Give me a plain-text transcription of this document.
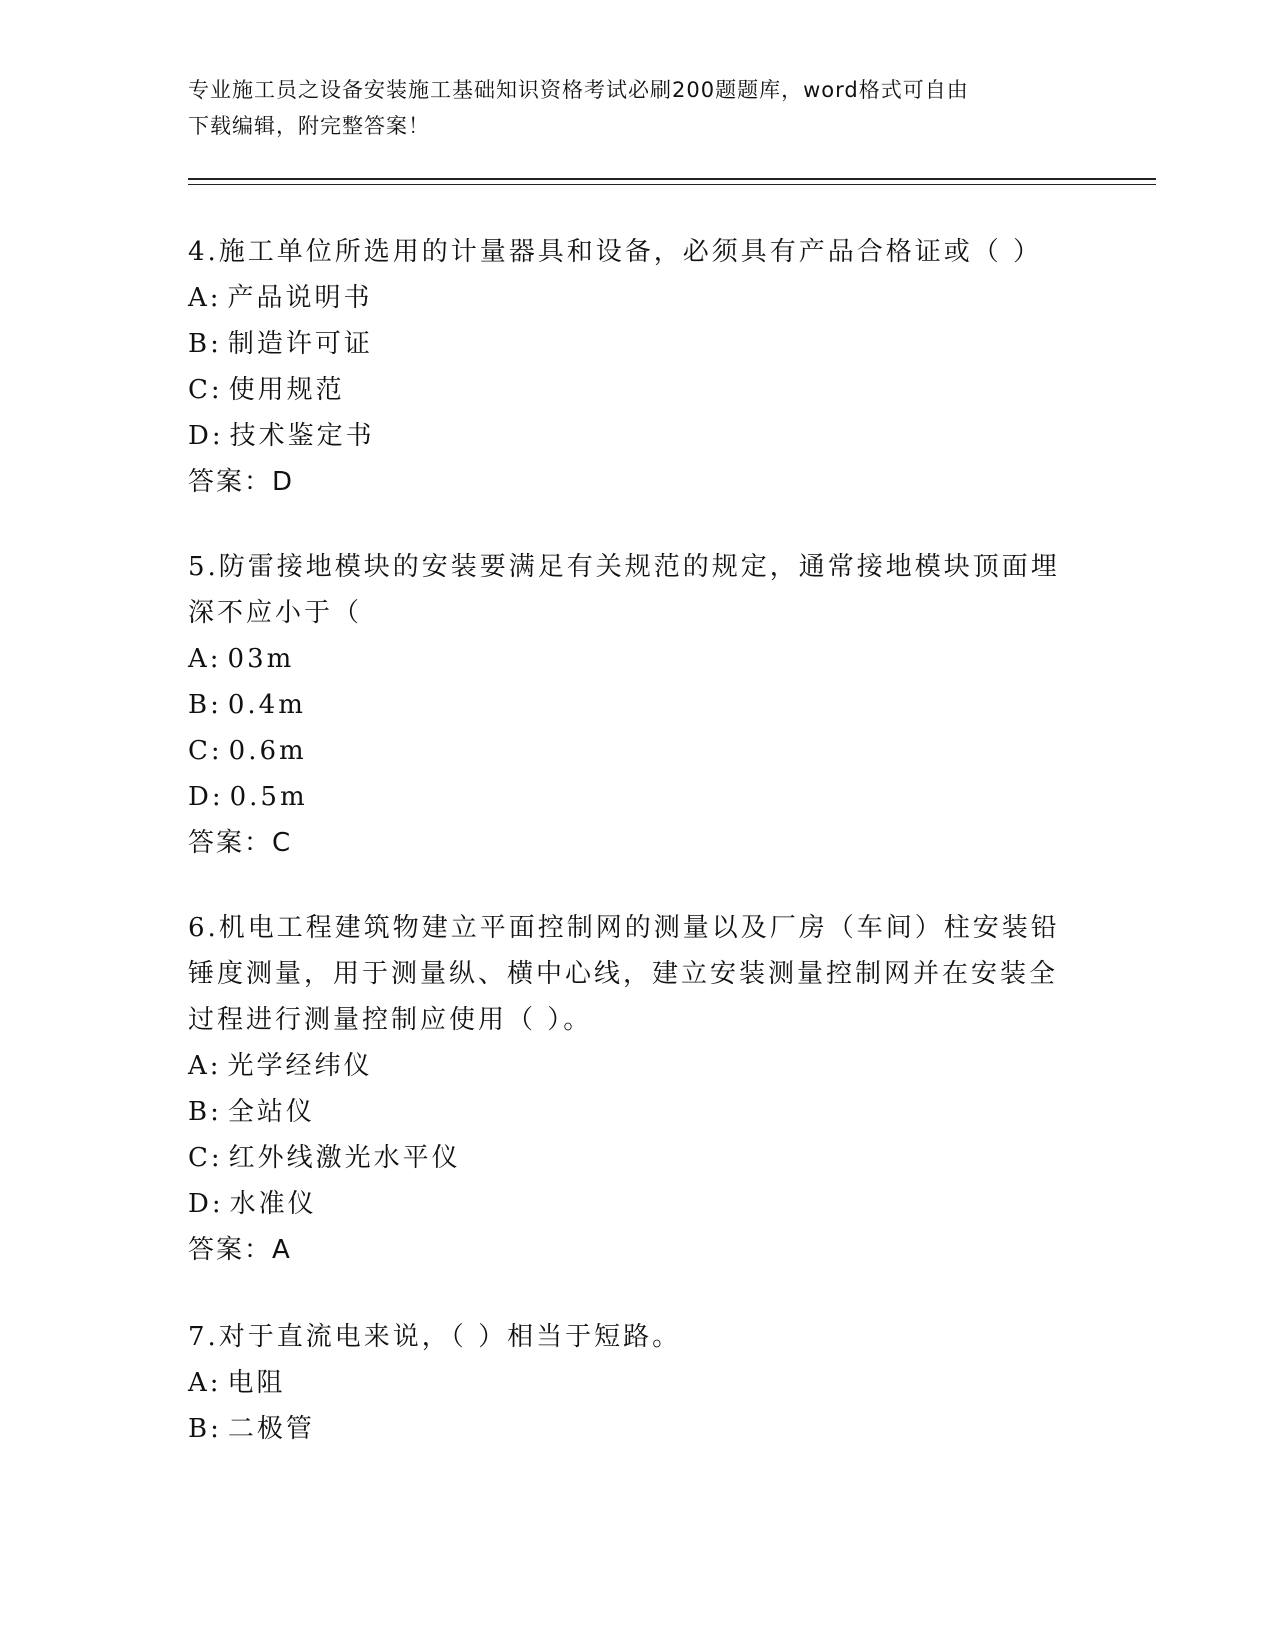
专业施工员之设备安装施工基础知识资格考试必刷200题题库，word格式可自由
下载编辑，附完整答案！
4.施工单位所选用的计量器具和设备，必须具有产品合格证或（ ）
A: 产品说明书
B: 制造许可证
C: 使用规范
D: 技术鉴定书
答案：D
5.防雷接地模块的安装要满足有关规范的规定，通常接地模块顶面埋
深不应小于（
A: 03m
B: 0.4m
C: 0.6m
D: 0.5m
答案：C
6.机电工程建筑物建立平面控制网的测量以及厂房（车间）柱安装铅
锤度测量，用于测量纵、横中心线，建立安装测量控制网并在安装全
过程进行测量控制应使用（ ）。
A: 光学经纬仪
B: 全站仪
C: 红外线激光水平仪
D: 水准仪
答案：A
7.对于直流电来说，（ ）相当于短路。
A: 电阻
B: 二极管
